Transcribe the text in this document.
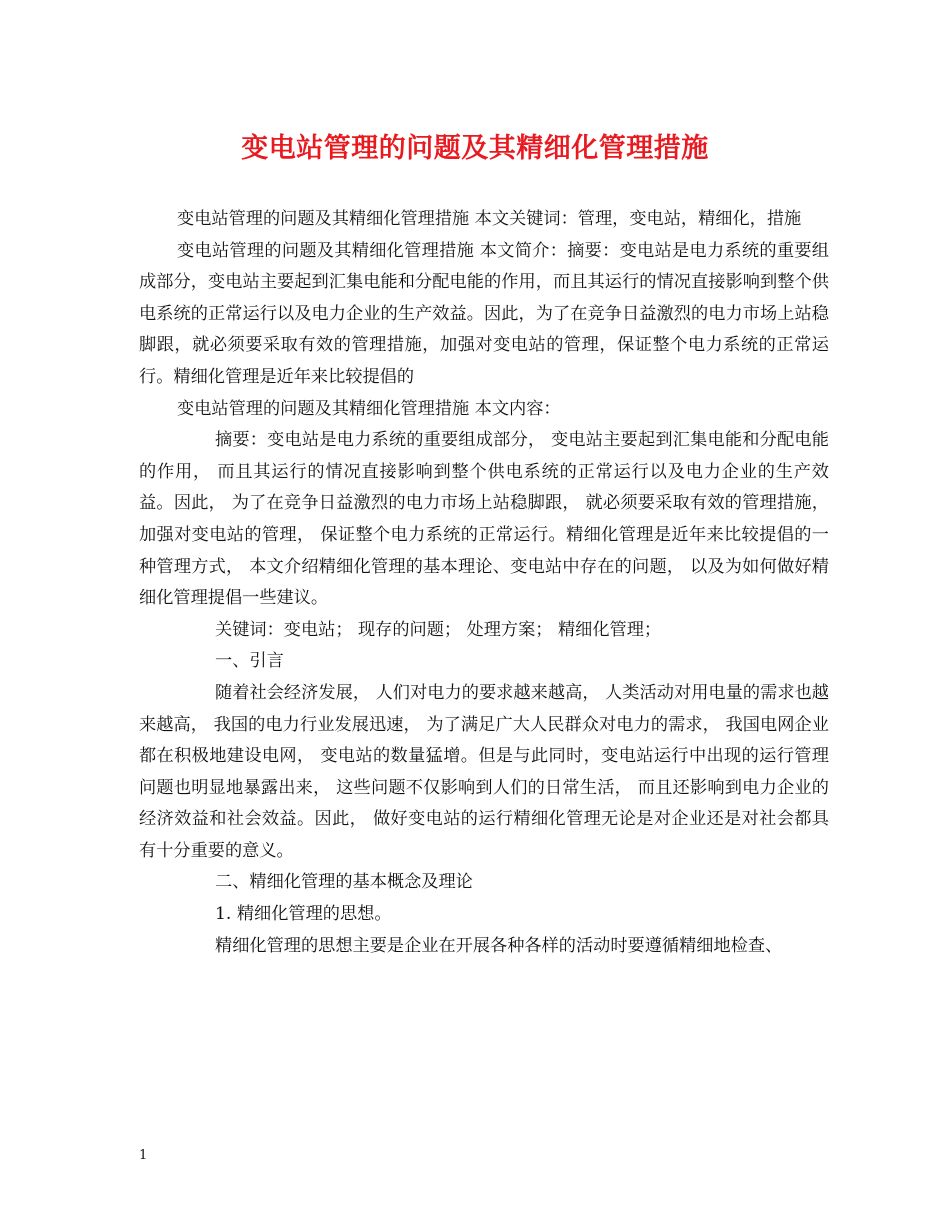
变电站管理的问题及其精细化管理措施

变电站管理的问题及其精细化管理措施 本文关键词：管理，变电站，精细化，措施

变电站管理的问题及其精细化管理措施 本文简介：摘要：变电站是电力系统的重要组成部分，变电站主要起到汇集电能和分配电能的作用，而且其运行的情况直接影响到整个供电系统的正常运行以及电力企业的生产效益。因此，为了在竞争日益激烈的电力市场上站稳脚跟，就必须要采取有效的管理措施，加强对变电站的管理，保证整个电力系统的正常运行。精细化管理是近年来比较提倡的

变电站管理的问题及其精细化管理措施 本文内容：

摘要：变电站是电力系统的重要组成部分， 变电站主要起到汇集电能和分配电能的作用， 而且其运行的情况直接影响到整个供电系统的正常运行以及电力企业的生产效益。因此， 为了在竞争日益激烈的电力市场上站稳脚跟， 就必须要采取有效的管理措施， 加强对变电站的管理， 保证整个电力系统的正常运行。精细化管理是近年来比较提倡的一种管理方式， 本文介绍精细化管理的基本理论、变电站中存在的问题， 以及为如何做好精细化管理提倡一些建议。

关键词：变电站； 现存的问题； 处理方案； 精细化管理；

一、引言

随着社会经济发展， 人们对电力的要求越来越高， 人类活动对用电量的需求也越来越高， 我国的电力行业发展迅速， 为了满足广大人民群众对电力的需求， 我国电网企业都在积极地建设电网， 变电站的数量猛增。但是与此同时，变电站运行中出现的运行管理问题也明显地暴露出来， 这些问题不仅影响到人们的日常生活， 而且还影响到电力企业的经济效益和社会效益。因此， 做好变电站的运行精细化管理无论是对企业还是对社会都具有十分重要的意义。

二、精细化管理的基本概念及理论

1. 精细化管理的思想。

精细化管理的思想主要是企业在开展各种各样的活动时要遵循精细地检查、

1
